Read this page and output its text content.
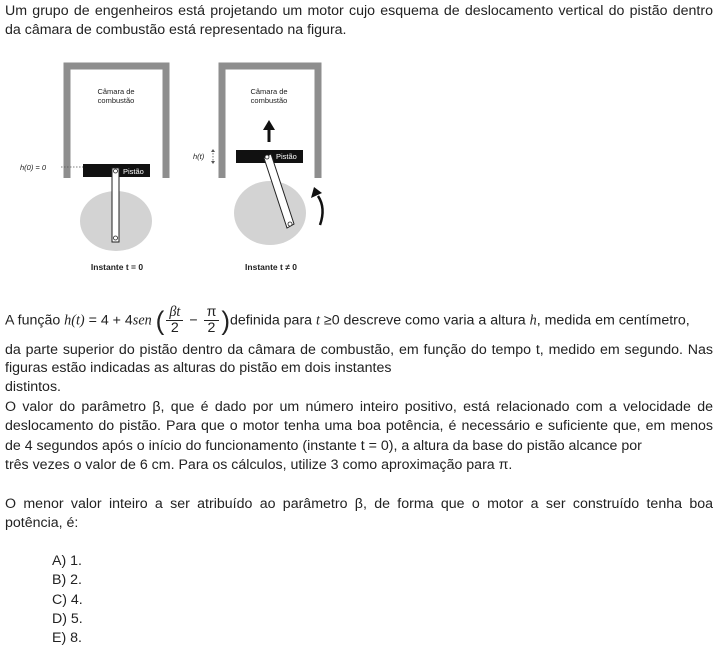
Um grupo de engenheiros está projetando um motor cujo esquema de deslocamento vertical do pistão dentro
da câmara de combustão está representado na figura.
Câmara de
combustão
Pistão
h(0) = 0
Instante t = 0
Câmara de
combustão
Pistão
h(t)
Instante t ≠ 0
A função h(t) = 4 + 4sen ( $\frac{\beta t}{2} - \frac{\pi}{2}$ )definida para t ≥0 descreve como varia a altura h, medida em centímetro,
da parte superior do pistão dentro da câmara de combustão, em função do tempo t, medido em segundo. Nas
figuras estão indicadas as alturas do pistão em dois instantes
distintos.
O valor do parâmetro β, que é dado por um número inteiro positivo, está relacionado com a velocidade de
deslocamento do pistão. Para que o motor tenha uma boa potência, é necessário e suficiente que, em menos
de 4 segundos após o início do funcionamento (instante t = 0), a altura da base do pistão alcance por
três vezes o valor de 6 cm. Para os cálculos, utilize 3 como aproximação para π.
O menor valor inteiro a ser atribuído ao parâmetro β, de forma que o motor a ser construído tenha boa
potência, é:
A) 1.
B) 2.
C) 4.
D) 5.
E) 8.
